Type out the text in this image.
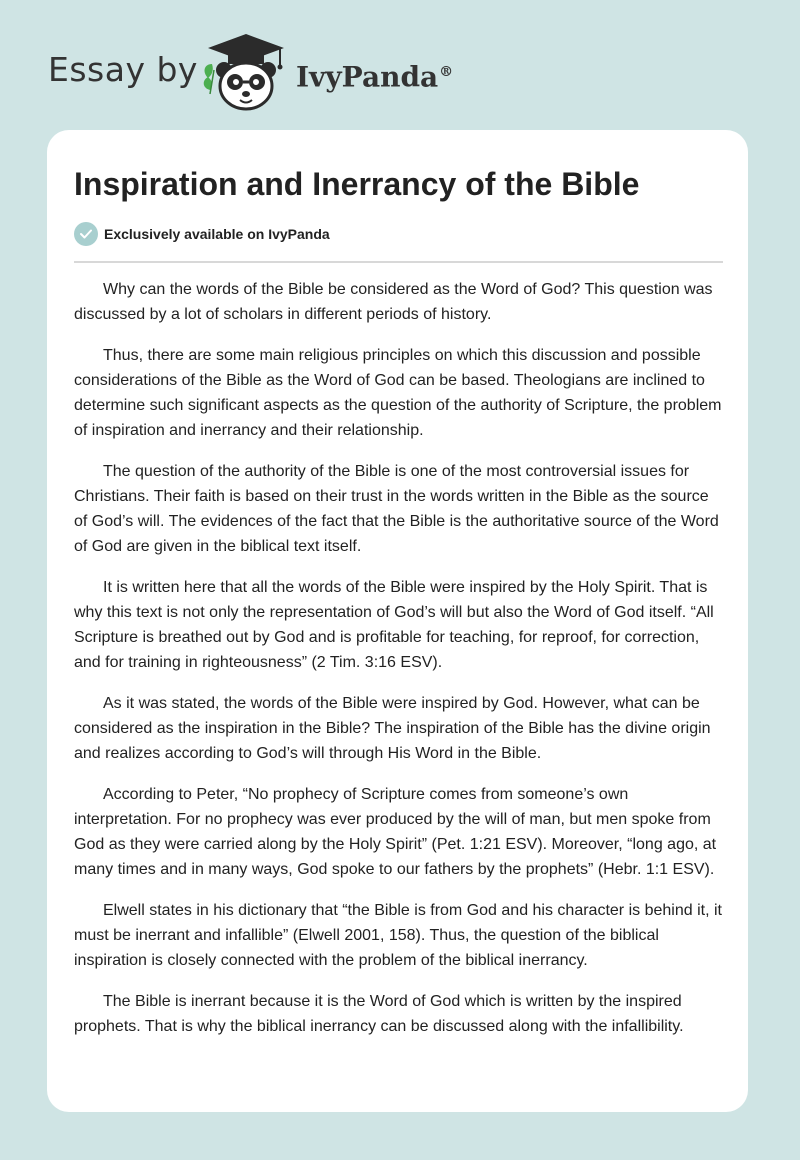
Essay by	IvyPanda®
Inspiration and Inerrancy of the Bible
Exclusively available on IvyPanda

Why can the words of the Bible be considered as the Word of God? This question was discussed by a lot of scholars in different periods of history.

Thus, there are some main religious principles on which this discussion and possible considerations of the Bible as the Word of God can be based. Theologians are inclined to determine such significant aspects as the question of the authority of Scripture, the problem of inspiration and inerrancy and their relationship.

The question of the authority of the Bible is one of the most controversial issues for Christians. Their faith is based on their trust in the words written in the Bible as the source of God’s will. The evidences of the fact that the Bible is the authoritative source of the Word of God are given in the biblical text itself.

It is written here that all the words of the Bible were inspired by the Holy Spirit. That is why this text is not only the representation of God’s will but also the Word of God itself. “All Scripture is breathed out by God and is profitable for teaching, for reproof, for correction, and for training in righteousness” (2 Tim. 3:16 ESV).

As it was stated, the words of the Bible were inspired by God. However, what can be considered as the inspiration in the Bible? The inspiration of the Bible has the divine origin and realizes according to God’s will through His Word in the Bible.

According to Peter, “No prophecy of Scripture comes from someone’s own interpretation. For no prophecy was ever produced by the will of man, but men spoke from God as they were carried along by the Holy Spirit” (Pet. 1:21 ESV). Moreover, “long ago, at many times and in many ways, God spoke to our fathers by the prophets” (Hebr. 1:1 ESV).

Elwell states in his dictionary that “the Bible is from God and his character is behind it, it must be inerrant and infallible” (Elwell 2001, 158). Thus, the question of the biblical inspiration is closely connected with the problem of the biblical inerrancy.

The Bible is inerrant because it is the Word of God which is written by the inspired prophets. That is why the biblical inerrancy can be discussed along with the infallibility.
